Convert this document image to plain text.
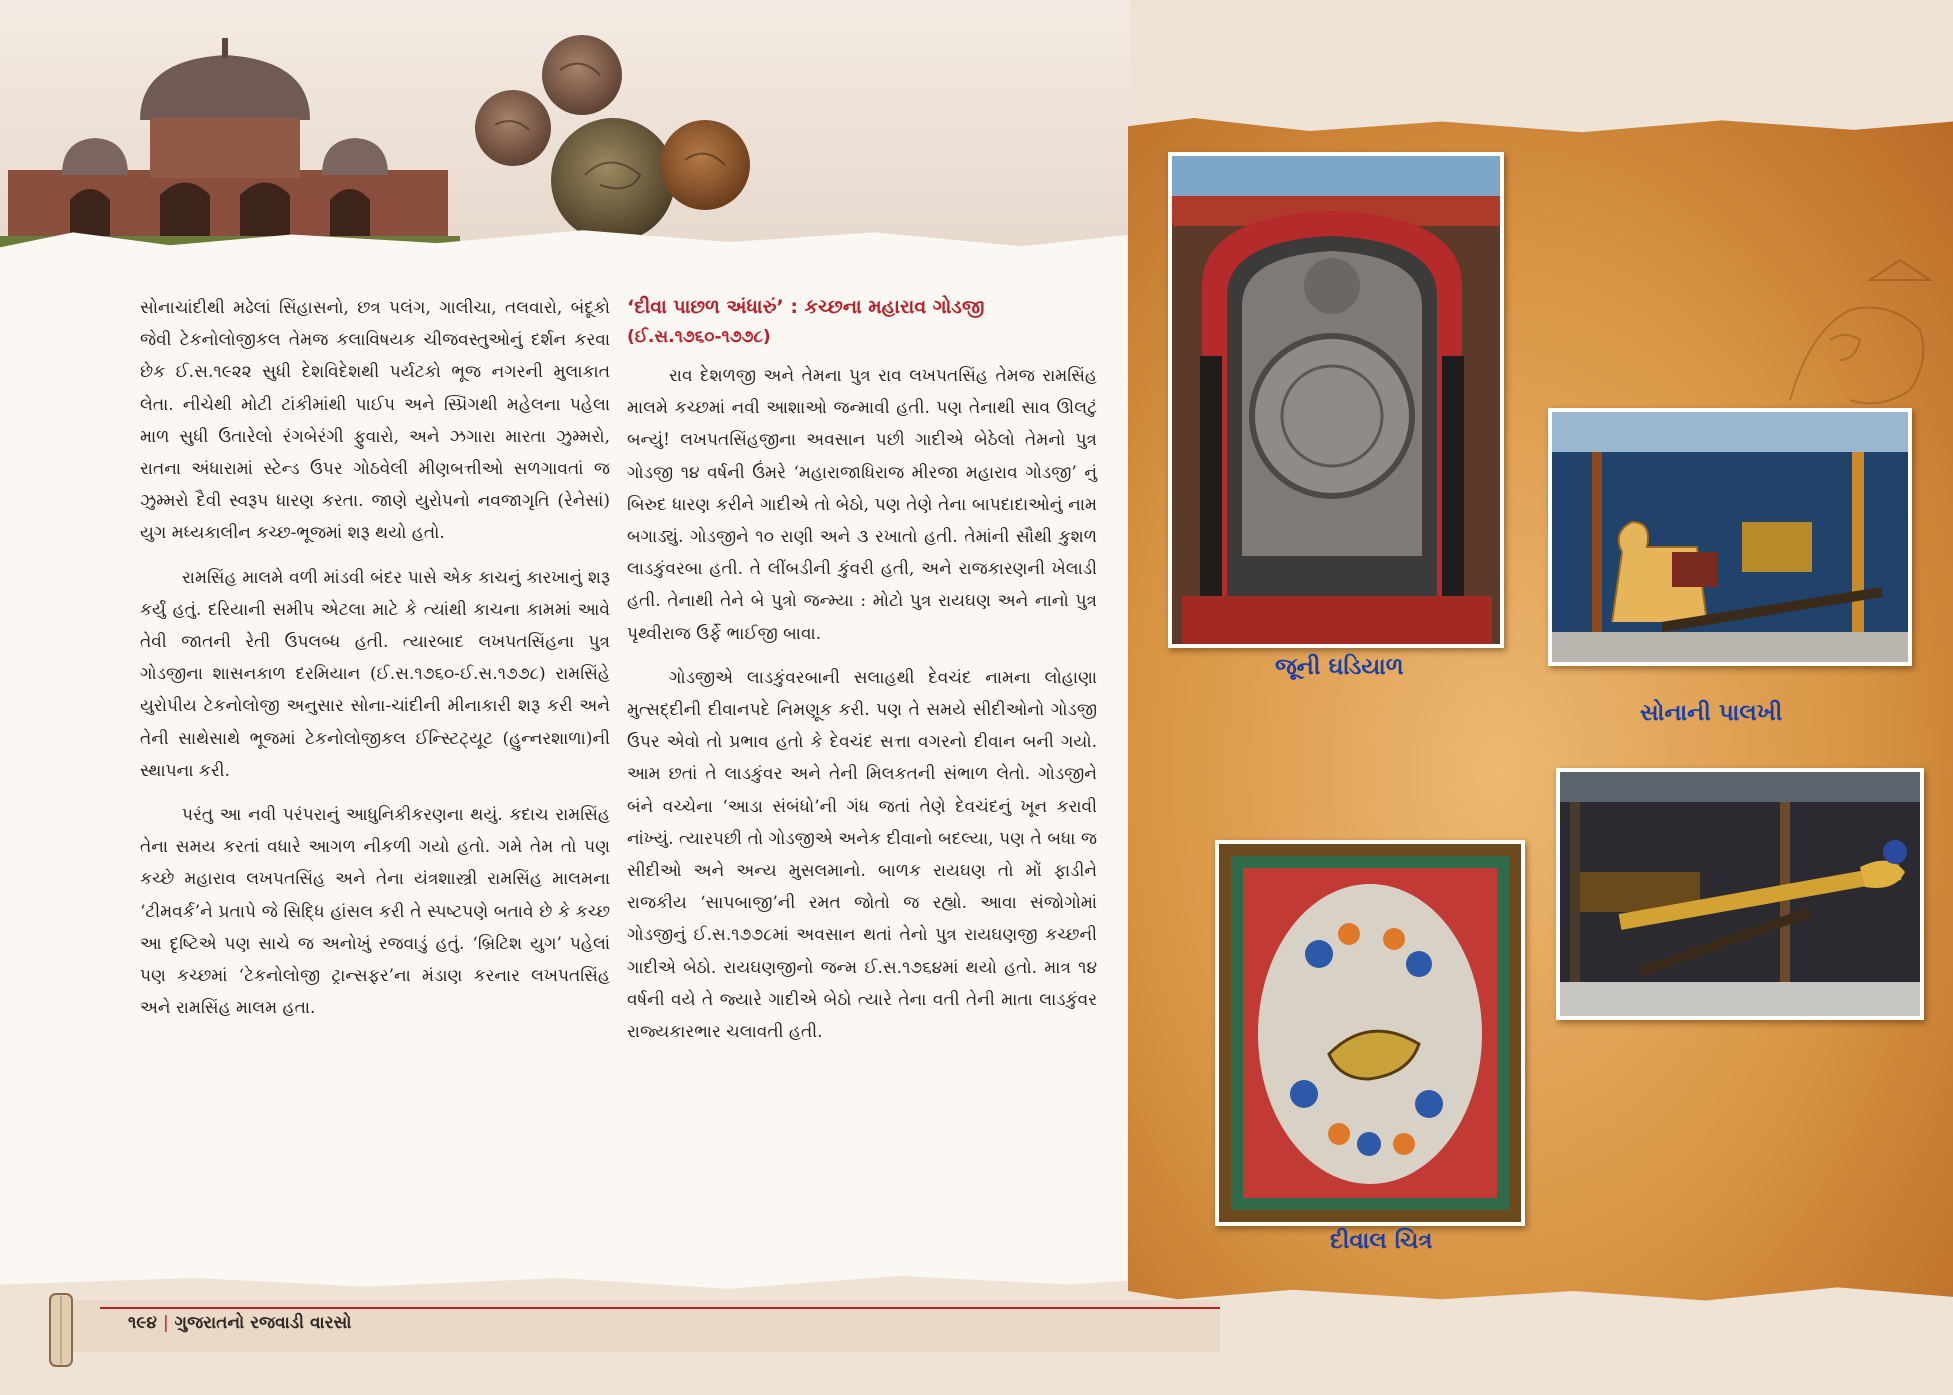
સોનાચાંદીથી મઢેલાં સિંહાસનો, છત્ર પલંગ, ગાલીચા, તલવારો, બંદૂકો જેવી ટેકનોલોજીકલ તેમજ કલાવિષયક ચીજવસ્તુઓનું દર્શન કરવા છેક ઈ.સ.૧૯૨૨ સુધી દેશવિદેશથી પર્યટકો ભૂજ નગરની મુલાકાત લેતા. નીચેથી મોટી ટાંકીમાંથી પાઈપ અને સ્પ્રિંગથી મહેલના પહેલા માળ સુધી ઉતારેલો રંગબેરંગી ફુવારો, અને ઝગારા મારતા ઝુમ્મરો, રાતના અંધારામાં સ્ટેન્ડ ઉપર ગોઠવેલી મીણબત્તીઓ સળગાવતાં જ ઝુમ્મરો દૈવી સ્વરૂપ ધારણ કરતા. જાણે યુરોપનો નવજાગૃતિ (રેનેસાં) યુગ મધ્યકાલીન કચ્છ-ભૂજમાં શરૂ થયો હતો.

રામસિંહ માલમે વળી માંડવી બંદર પાસે એક કાચનું કારખાનું શરૂ કર્યું હતું. દરિયાની સમીપ એટલા માટે કે ત્યાંથી કાચના કામમાં આવે તેવી જાતની રેતી ઉપલબ્ધ હતી. ત્યારબાદ લખપતસિંહના પુત્ર ગોડજીના શાસનકાળ દરમિયાન (ઈ.સ.૧૭૬૦-ઈ.સ.૧૭૭૮) રામસિંહે યુરોપીય ટેકનોલોજી અનુસાર સોના-ચાંદીની મીનાકારી શરૂ કરી અને તેની સાથેસાથે ભૂજમાં ટેકનોલોજીકલ ઈન્સ્ટિટ્યૂટ (હુન્નરશાળા)ની સ્થાપના કરી.

પરંતુ આ નવી પરંપરાનું આધુનિકીકરણના થયું. કદાચ રામસિંહ તેના સમય કરતાં વધારે આગળ નીકળી ગયો હતો. ગમે તેમ તો પણ કચ્છે મહારાવ લખપતસિંહ અને તેના યંત્રશાસ્ત્રી રામસિંહ માલમના ‘ટીમવર્ક’ને પ્રતાપે જે સિદ્ધિ હાંસલ કરી તે સ્પષ્ટપણે બતાવે છે કે કચ્છ આ દૃષ્ટિએ પણ સાચે જ અનોખું રજવાડું હતું. ‘બ્રિટિશ યુગ’ પહેલાં પણ કચ્છમાં ‘ટેકનોલોજી ટ્રાન્સફર’ના મંડાણ કરનાર લખપતસિંહ અને રામસિંહ માલમ હતા.

‘દીવા પાછળ અંધારું’ : કચ્છના મહારાવ ગોડજી

(ઈ.સ.૧૭૬૦-૧૭૭૮)

રાવ દેશળજી અને તેમના પુત્ર રાવ લખપતસિંહ તેમજ રામસિંહ માલમે કચ્છમાં નવી આશાઓ જન્માવી હતી. પણ તેનાથી સાવ ઊલટું બન્યું! લખપતસિંહજીના અવસાન પછી ગાદીએ બેઠેલો તેમનો પુત્ર ગોડજી ૧૪ વર્ષની ઉંમરે ‘મહારાજાધિરાજ મીરજા મહારાવ ગોડજી’ નું બિરુદ ધારણ કરીને ગાદીએ તો બેઠો, પણ તેણે તેના બાપદાદાઓનું નામ બગાડ્યું. ગોડજીને ૧૦ રાણી અને ૩ રખાતો હતી. તેમાંની સૌથી કુશળ લાડકુંવરબા હતી. તે લીંબડીની કુંવરી હતી, અને રાજકારણની ખેલાડી હતી. તેનાથી તેને બે પુત્રો જન્મ્યા : મોટો પુત્ર રાયઘણ અને નાનો પુત્ર પૃથ્વીરાજ ઉર્ફે ભાઈજી બાવા.

ગોડજીએ લાડકુંવરબાની સલાહથી દેવચંદ નામના લોહાણા મુત્સદ્દીની દીવાનપદે નિમણૂક કરી. પણ તે સમયે સીદીઓનો ગોડજી ઉપર એવો તો પ્રભાવ હતો કે દેવચંદ સત્તા વગરનો દીવાન બની ગયો. આમ છતાં તે લાડકુંવર અને તેની મિલકતની સંભાળ લેતો. ગોડજીને બંને વચ્ચેના ‘આડા સંબંધો’ની ગંધ જતાં તેણે દેવચંદનું ખૂન કરાવી નાંખ્યું. ત્યારપછી તો ગોડજીએ અનેક દીવાનો બદલ્યા, પણ તે બધા જ સીદીઓ અને અન્ય મુસલમાનો. બાળક રાયઘણ તો મોં ફાડીને રાજકીય ‘સાપબાજી’ની રમત જોતો જ રહ્યો. આવા સંજોગોમાં ગોડજીનું ઈ.સ.૧૭૭૮માં અવસાન થતાં તેનો પુત્ર રાયઘણજી કચ્છની ગાદીએ બેઠો. રાયઘણજીનો જન્મ ઈ.સ.૧૭૬૪માં થયો હતો. માત્ર ૧૪ વર્ષની વયે તે જ્યારે ગાદીએ બેઠો ત્યારે તેના વતી તેની માતા લાડકુંવર રાજ્યકારભાર ચલાવતી હતી.

જૂની ઘડિયાળ
સોનાની પાલખી
દીવાલ ચિત્ર
૧૯૪ | ગુજરાતનો રજવાડી વારસો
